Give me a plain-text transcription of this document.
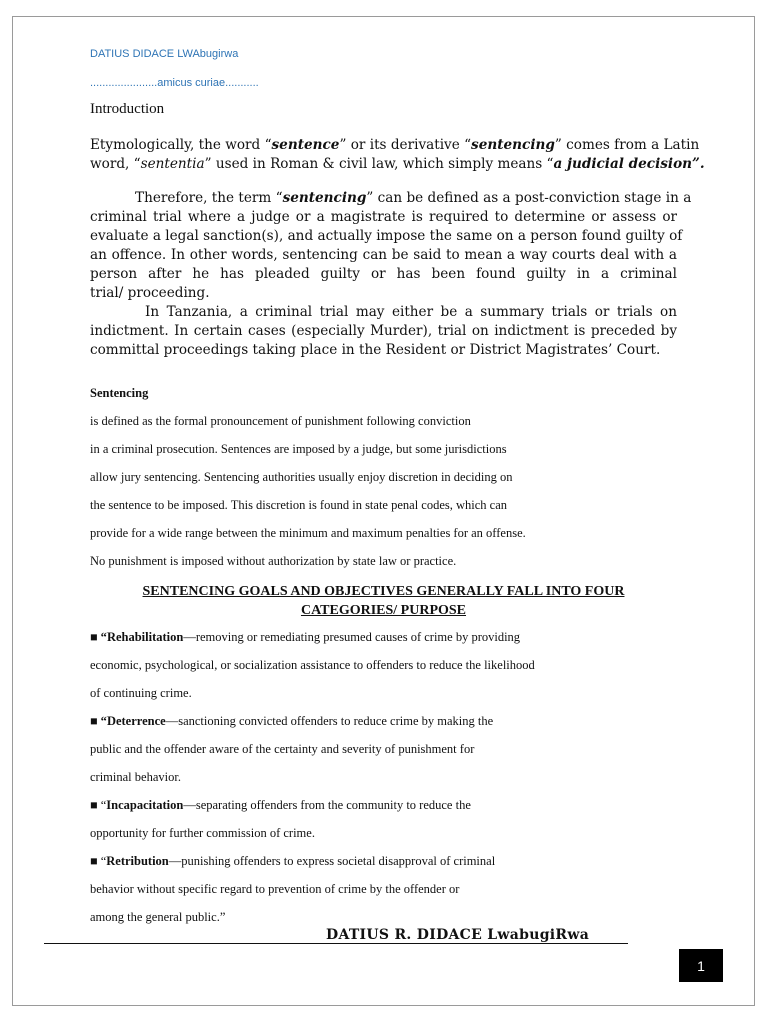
DATIUS DIDACE LWAbugirwa
......................amicus curiae...........
Introduction
Etymologically, the word “sentence” or its derivative “sentencing” comes from a Latin
word, “sententia” used in Roman & civil law, which simply means “a judicial decision”.
Therefore, the term “sentencing” can be defined as a post-conviction stage in a
criminal trial where a judge or a magistrate is required to determine or assess or
evaluate a legal sanction(s), and actually impose the same on a person found guilty of
an offence. In other words, sentencing can be said to mean a way courts deal with a
person after he has pleaded guilty or has been found guilty in a criminal
trial/ proceeding.
In Tanzania, a criminal trial may either be a summary trials or trials on
indictment. In certain cases (especially Murder), trial on indictment is preceded by
committal proceedings taking place in the Resident or District Magistrates’ Court.
Sentencing
is defined as the formal pronouncement of punishment following conviction
in a criminal prosecution. Sentences are imposed by a judge, but some jurisdictions
allow jury sentencing. Sentencing authorities usually enjoy discretion in deciding on
the sentence to be imposed. This discretion is found in state penal codes, which can
provide for a wide range between the minimum and maximum penalties for an offense.
No punishment is imposed without authorization by state law or practice.
SENTENCING GOALS AND OBJECTIVES GENERALLY FALL INTO FOUR
CATEGORIES/ PURPOSE
■ “Rehabilitation—removing or remediating presumed causes of crime by providing
economic, psychological, or socialization assistance to offenders to reduce the likelihood
of continuing crime.
■ “Deterrence—sanctioning convicted offenders to reduce crime by making the
public and the offender aware of the certainty and severity of punishment for
criminal behavior.
■ “Incapacitation—separating offenders from the community to reduce the
opportunity for further commission of crime.
■ “Retribution—punishing offenders to express societal disapproval of criminal
behavior without specific regard to prevention of crime by the offender or
among the general public.”
DATIUS R. DIDACE LwabugiRwa
1
